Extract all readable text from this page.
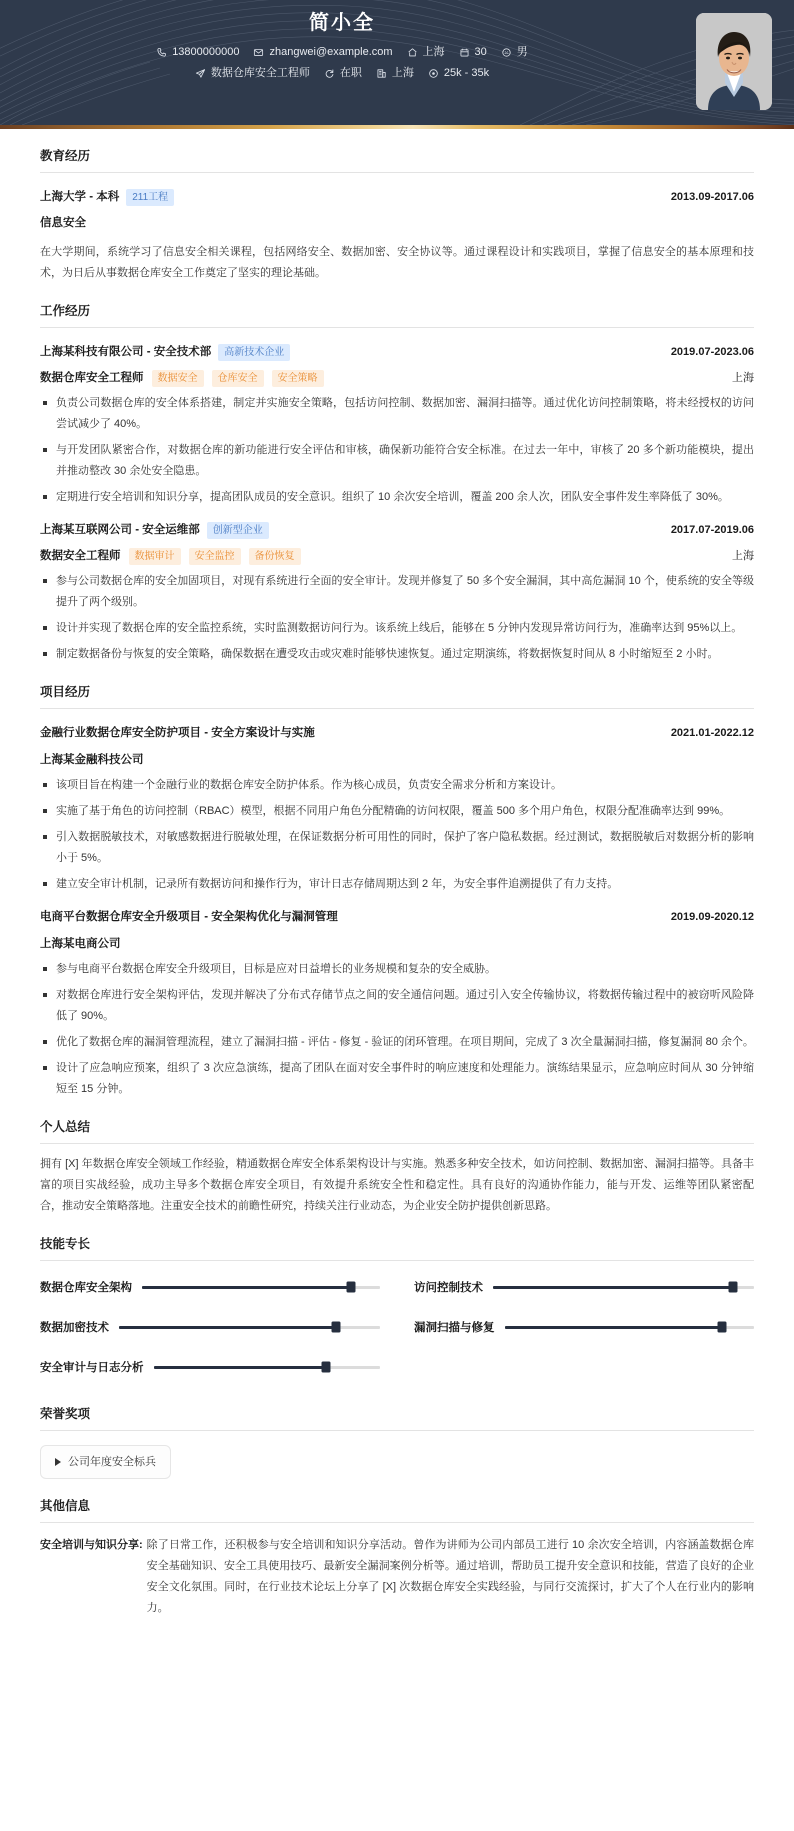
简小全
13800000000	zhangwei@example.com	上海	30	男
数据仓库安全工程师	在职	上海	25k - 35k
教育经历
上海大学 - 本科	211工程	2013.09-2017.06
信息安全
在大学期间，系统学习了信息安全相关课程，包括网络安全、数据加密、安全协议等。通过课程设计和实践项目，掌握了信息安全的基本原理和技术，为日后从事数据仓库安全工作奠定了坚实的理论基础。
工作经历
上海某科技有限公司 - 安全技术部	高新技术企业	2019.07-2023.06
数据仓库安全工程师	数据安全	仓库安全	安全策略	上海
负责公司数据仓库的安全体系搭建，制定并实施安全策略，包括访问控制、数据加密、漏洞扫描等。通过优化访问控制策略，将未经授权的访问尝试减少了 40%。
与开发团队紧密合作，对数据仓库的新功能进行安全评估和审核，确保新功能符合安全标准。在过去一年中，审核了 20 多个新功能模块，提出并推动整改 30 余处安全隐患。
定期进行安全培训和知识分享，提高团队成员的安全意识。组织了 10 余次安全培训，覆盖 200 余人次，团队安全事件发生率降低了 30%。
上海某互联网公司 - 安全运维部	创新型企业	2017.07-2019.06
数据安全工程师	数据审计	安全监控	备份恢复	上海
参与公司数据仓库的安全加固项目，对现有系统进行全面的安全审计。发现并修复了 50 多个安全漏洞，其中高危漏洞 10 个，使系统的安全等级提升了两个级别。
设计并实现了数据仓库的安全监控系统，实时监测数据访问行为。该系统上线后，能够在 5 分钟内发现异常访问行为，准确率达到 95%以上。
制定数据备份与恢复的安全策略，确保数据在遭受攻击或灾难时能够快速恢复。通过定期演练，将数据恢复时间从 8 小时缩短至 2 小时。
项目经历
金融行业数据仓库安全防护项目 - 安全方案设计与实施	2021.01-2022.12
上海某金融科技公司
该项目旨在构建一个金融行业的数据仓库安全防护体系。作为核心成员，负责安全需求分析和方案设计。
实施了基于角色的访问控制（RBAC）模型，根据不同用户角色分配精确的访问权限，覆盖 500 多个用户角色，权限分配准确率达到 99%。
引入数据脱敏技术，对敏感数据进行脱敏处理，在保证数据分析可用性的同时，保护了客户隐私数据。经过测试，数据脱敏后对数据分析的影响小于 5%。
建立安全审计机制，记录所有数据访问和操作行为，审计日志存储周期达到 2 年，为安全事件追溯提供了有力支持。
电商平台数据仓库安全升级项目 - 安全架构优化与漏洞管理	2019.09-2020.12
上海某电商公司
参与电商平台数据仓库安全升级项目，目标是应对日益增长的业务规模和复杂的安全威胁。
对数据仓库进行安全架构评估，发现并解决了分布式存储节点之间的安全通信问题。通过引入安全传输协议，将数据传输过程中的被窃听风险降低了 90%。
优化了数据仓库的漏洞管理流程，建立了漏洞扫描 - 评估 - 修复 - 验证的闭环管理。在项目期间，完成了 3 次全量漏洞扫描，修复漏洞 80 余个。
设计了应急响应预案，组织了 3 次应急演练，提高了团队在面对安全事件时的响应速度和处理能力。演练结果显示，应急响应时间从 30 分钟缩短至 15 分钟。
个人总结
拥有 [X] 年数据仓库安全领域工作经验，精通数据仓库安全体系架构设计与实施。熟悉多种安全技术，如访问控制、数据加密、漏洞扫描等。具备丰富的项目实战经验，成功主导多个数据仓库安全项目，有效提升系统安全性和稳定性。具有良好的沟通协作能力，能与开发、运维等团队紧密配合，推动安全策略落地。注重安全技术的前瞻性研究，持续关注行业动态，为企业安全防护提供创新思路。
技能专长
数据仓库安全架构	访问控制技术
数据加密技术	漏洞扫描与修复
安全审计与日志分析
荣誉奖项
公司年度安全标兵
其他信息
安全培训与知识分享: 除了日常工作，还积极参与安全培训和知识分享活动。曾作为讲师为公司内部员工进行 10 余次安全培训，内容涵盖数据仓库安全基础知识、安全工具使用技巧、最新安全漏洞案例分析等。通过培训，帮助员工提升安全意识和技能，营造了良好的企业安全文化氛围。同时，在行业技术论坛上分享了 [X] 次数据仓库安全实践经验，与同行交流探讨，扩大了个人在行业内的影响力。
